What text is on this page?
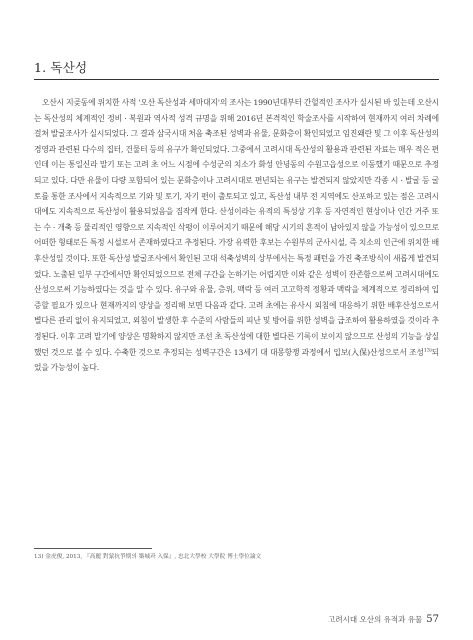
1. 독산성

오산시 지곶동에 위치한 사적 '오산 독산성과 세마대지'의 조사는 1990년대부터 간헐적인 조사가 실시된 바 있는데 오산시는 독산성의 체계적인 정비 · 복원과 역사적 성격 규명을 위해 2016년 본격적인 학술조사를 시작하여 현재까지 여러 차례에 걸쳐 발굴조사가 실시되었다. 그 결과 삼국시대 처음 축조된 성벽과 유물, 문화층이 확인되었고 임진왜란 및 그 이후 독산성의 경영과 관련된 다수의 집터, 건물터 등의 유구가 확인되었다. 그중에서 고려시대 독산성의 활용과 관련된 자료는 매우 적은 편인데 이는 통일신라 말기 또는 고려 초 어느 시점에 수성군의 치소가 화성 안녕동의 수원고읍성으로 이동했기 때문으로 추정되고 있다. 다만 유물이 다량 포함되어 있는 문화층이나 고려시대로 편년되는 유구는 발견되지 않았지만 각종 시 · 발굴 등 굴토를 통한 조사에서 지속적으로 기와 및 토기, 자기 편이 출토되고 있고, 독산성 내부 전 지역에도 산포하고 있는 점은 고려시대에도 지속적으로 독산성이 활용되었음을 짐작케 한다. 산성이라는 유적의 특성상 기후 등 자연적인 현상이나 인간 거주 또는 수 · 개축 등 물리적인 영향으로 지속적인 삭평이 이루어지기 때문에 해당 시기의 흔적이 남아있지 않을 가능성이 있으므로 어떠한 형태로든 특정 시설로서 존재하였다고 추정된다. 가장 유력한 후보는 수원부의 군사시설, 즉 치소의 인근에 위치한 배후산성일 것이다. 또한 독산성 발굴조사에서 확인된 고대 석축성벽의 상부에서는 특정 패턴을 가진 축조방식이 새롭게 발견되었다. 노출된 일부 구간에서만 확인되었으므로 전체 구간을 논하기는 어렵지만 이와 같은 성벽이 잔존함으로써 고려시대에도 산성으로써 기능하였다는 것을 알 수 있다. 유구와 유물, 층위, 맥락 등 여러 고고학적 정황과 맥락을 체계적으로 정리하여 입증할 필요가 있으나 현재까지의 양상을 정리해 보면 다음과 같다. 고려 초에는 유사시 외침에 대응하기 위한 배후산성으로서 별다른 관리 없이 유지되었고, 외침이 발생한 후 수준의 사람들의 피난 및 방어를 위한 성벽을 급조하여 활용하였을 것이라 추정된다. 이후 고려 말기에 양상은 명확하지 않지만 조선 초 독산성에 대한 별다른 기록이 보이지 않으므로 산성의 기능을 상실했던 것으로 볼 수 있다. 수축한 것으로 추정되는 성벽구간은 13세기 대 대몽항쟁 과정에서 입보(入保)산성으로서 조성$^{13)}$되었을 가능성이 높다.

13) 金虎俊, 2013, 『高麗 對蒙抗爭期의 築城과 入保』, 忠北大學校 大學院 博士學位論文

고려시대 오산의 유적과 유물 57
